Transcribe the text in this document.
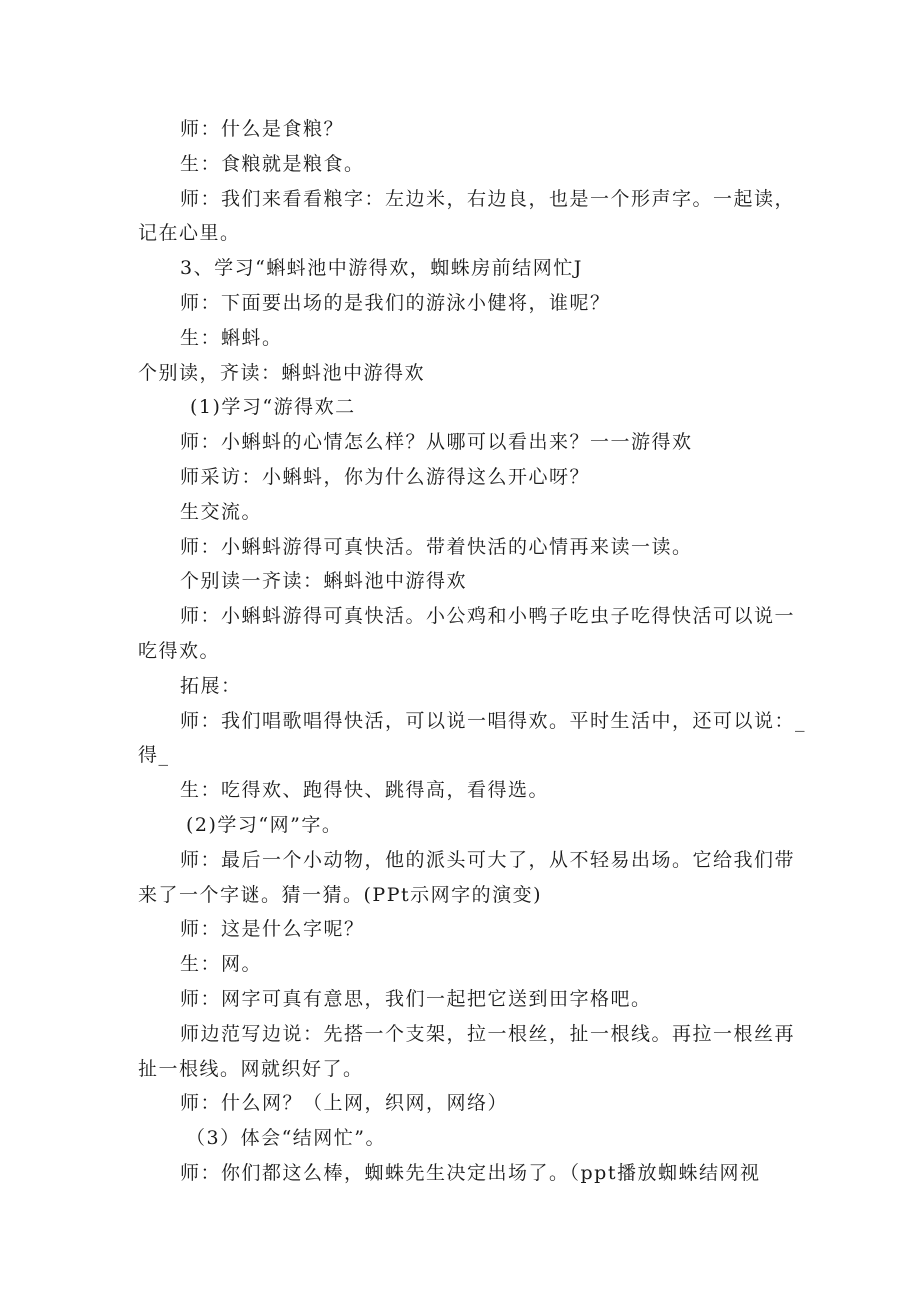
师：什么是食粮？

生：食粮就是粮食。

师：我们来看看粮字：左边米，右边良，也是一个形声字。一起读，

记在心里。

3、学习“蝌蚪池中游得欢，蜘蛛房前结网忙J

师：下面要出场的是我们的游泳小健将，谁呢？

生：蝌蚪。

个别读，齐读：蝌蚪池中游得欢

(1)学习“游得欢二

师：小蝌蚪的心情怎么样？从哪可以看出来？一一游得欢

师采访：小蝌蚪，你为什么游得这么开心呀？

生交流。

师：小蝌蚪游得可真快活。带着快活的心情再来读一读。

个别读一齐读：蝌蚪池中游得欢

师：小蝌蚪游得可真快活。小公鸡和小鸭子吃虫子吃得快活可以说一

吃得欢。

拓展：

师：我们唱歌唱得快活，可以说一唱得欢。平时生活中，还可以说：_

得_

生：吃得欢、跑得快、跳得高，看得选。

(2)学习“网”字。

师：最后一个小动物，他的派头可大了，从不轻易出场。它给我们带

来了一个字谜。猜一猜。(PPt示网字的演变)

师：这是什么字呢？

生：网。

师：网字可真有意思，我们一起把它送到田字格吧。

师边范写边说：先搭一个支架，拉一根丝，扯一根线。再拉一根丝再

扯一根线。网就织好了。

师：什么网？（上网，织网，网络）

（3）体会“结网忙”。

师：你们都这么棒，蜘蛛先生决定出场了。（ppt播放蜘蛛结网视
